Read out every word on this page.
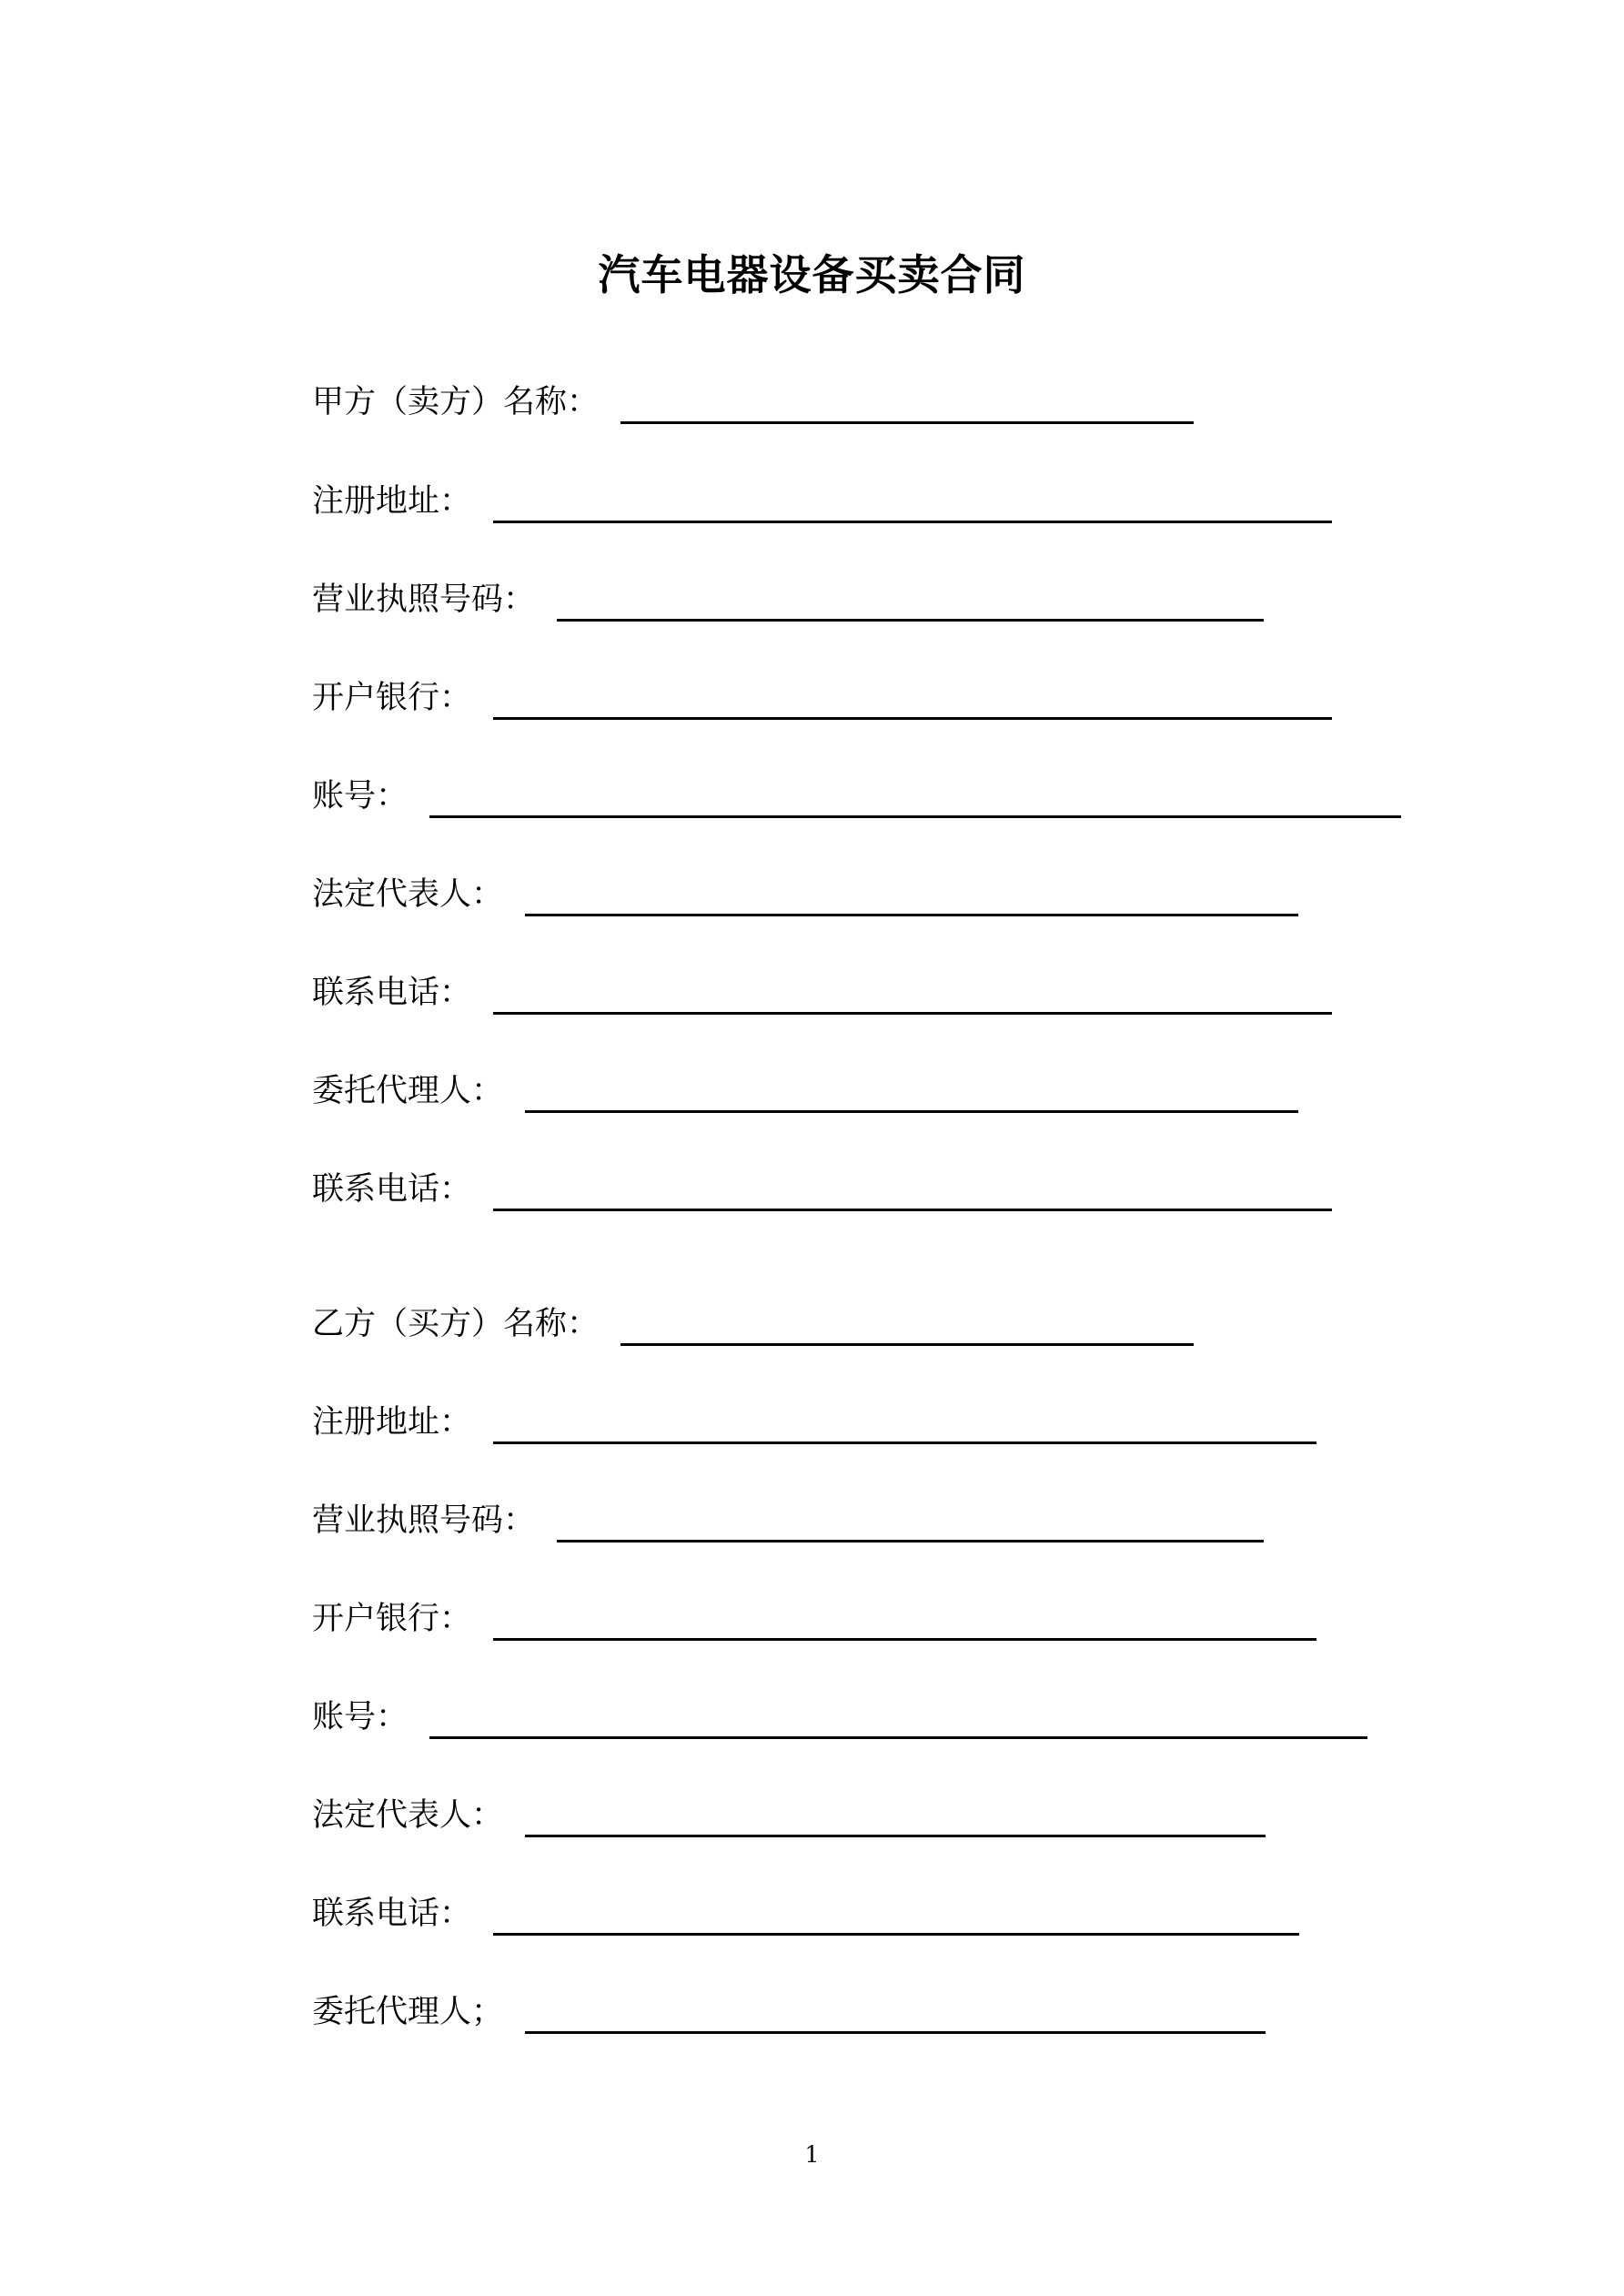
汽车电器设备买卖合同
甲方（卖方）名称：
注册地址：
营业执照号码：
开户银行：
账号：
法定代表人：
联系电话：
委托代理人：
联系电话：
乙方（买方）名称：
注册地址：
营业执照号码：
开户银行：
账号：
法定代表人：
联系电话：
委托代理人；
1
